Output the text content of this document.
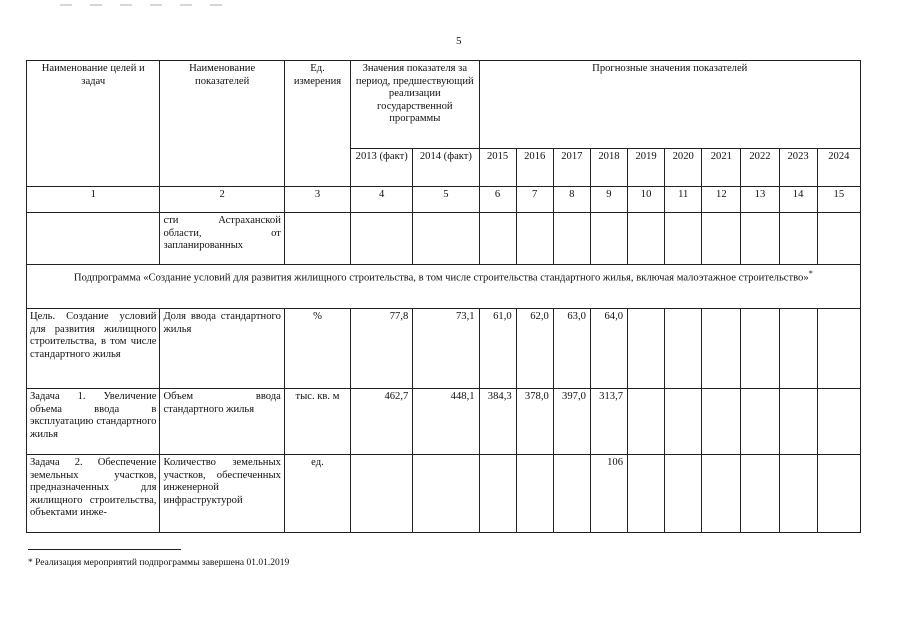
5
Наименование целей и задач	Наименование показателей	Ед. измерения	Значения показателя за период, предшествующий реализации государственной программы		Прогнозные значения показателей									
			2013 (факт)	2014 (факт)	2015	2016	2017	2018	2019	2020	2021	2022	2023	2024
1	2	3	4	5	6	7	8	9	10	11	12	13	14	15
	сти Астраханской области, от запланированных													
Подпрограмма «Создание условий для развития жилищного строительства, в том числе строительства стандартного жилья, включая малоэтажное строительство»*
Цель. Создание условий для развития жилищного строительства, в том числе стандартного жилья	Доля ввода стандартного жилья	%	77,8	73,1	61,0	62,0	63,0	64,0						
Задача 1. Увеличение объема ввода в эксплуатацию стандартного жилья	Объем ввода стандартного жилья	тыс. кв. м	462,7	448,1	384,3	378,0	397,0	313,7						
Задача 2. Обеспечение земельных участков, предназначенных для жилищного строительства, объектами инже-	Количество земельных участков, обеспеченных инженерной инфраструктурой	ед.						106						
* Реализация мероприятий подпрограммы завершена 01.01.2019
